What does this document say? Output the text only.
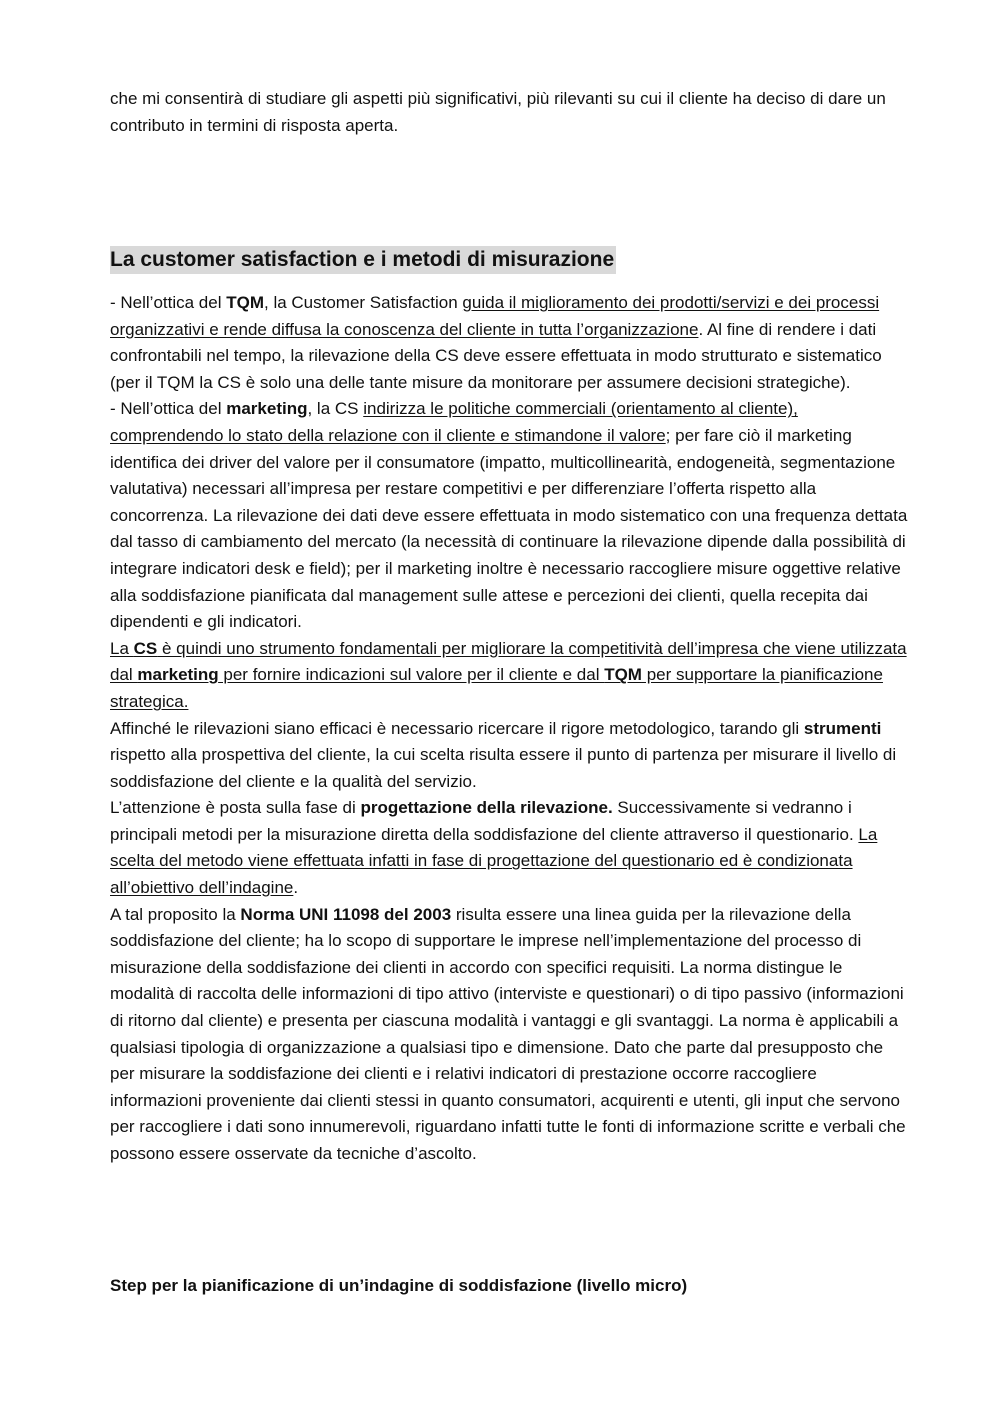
che mi consentirà di studiare gli aspetti più significativi, più rilevanti su cui il cliente ha deciso di dare un contributo in termini di risposta aperta.

La customer satisfaction e i metodi di misurazione

- Nell’ottica del TQM, la Customer Satisfaction guida il miglioramento dei prodotti/servizi e dei processi organizzativi e rende diffusa la conoscenza del cliente in tutta l’organizzazione. Al fine di rendere i dati confrontabili nel tempo, la rilevazione della CS deve essere effettuata in modo strutturato e sistematico (per il TQM la CS è solo una delle tante misure da monitorare per assumere decisioni strategiche).

- Nell’ottica del marketing, la CS indirizza le politiche commerciali (orientamento al cliente), comprendendo lo stato della relazione con il cliente e stimandone il valore; per fare ciò il marketing identifica dei driver del valore per il consumatore (impatto, multicollinearità, endogeneità, segmentazione valutativa) necessari all’impresa per restare competitivi e per differenziare l’offerta rispetto alla concorrenza. La rilevazione dei dati deve essere effettuata in modo sistematico con una frequenza dettata dal tasso di cambiamento del mercato (la necessità di continuare la rilevazione dipende dalla possibilità di integrare indicatori desk e field); per il marketing inoltre è necessario raccogliere misure oggettive relative alla soddisfazione pianificata dal management sulle attese e percezioni dei clienti, quella recepita dai dipendenti e gli indicatori.

La CS è quindi uno strumento fondamentali per migliorare la competitività dell’impresa che viene utilizzata dal marketing per fornire indicazioni sul valore per il cliente e dal TQM per supportare la pianificazione strategica.

Affinché le rilevazioni siano efficaci è necessario ricercare il rigore metodologico, tarando gli strumenti rispetto alla prospettiva del cliente, la cui scelta risulta essere il punto di partenza per misurare il livello di soddisfazione del cliente e la qualità del servizio.

L’attenzione è posta sulla fase di progettazione della rilevazione. Successivamente si vedranno i principali metodi per la misurazione diretta della soddisfazione del cliente attraverso il questionario. La scelta del metodo viene effettuata infatti in fase di progettazione del questionario ed è condizionata all’obiettivo dell’indagine.

A tal proposito la Norma UNI 11098 del 2003 risulta essere una linea guida per la rilevazione della soddisfazione del cliente; ha lo scopo di supportare le imprese nell’implementazione del processo di misurazione della soddisfazione dei clienti in accordo con specifici requisiti. La norma distingue le modalità di raccolta delle informazioni di tipo attivo (interviste e questionari) o di tipo passivo (informazioni di ritorno dal cliente) e presenta per ciascuna modalità i vantaggi e gli svantaggi. La norma è applicabili a qualsiasi tipologia di organizzazione a qualsiasi tipo e dimensione. Dato che parte dal presupposto che per misurare la soddisfazione dei clienti e i relativi indicatori di prestazione occorre raccogliere informazioni proveniente dai clienti stessi in quanto consumatori, acquirenti e utenti, gli input che servono per raccogliere i dati sono innumerevoli, riguardano infatti tutte le fonti di informazione scritte e verbali che possono essere osservate da tecniche d’ascolto.

Step per la pianificazione di un’indagine di soddisfazione (livello micro)
